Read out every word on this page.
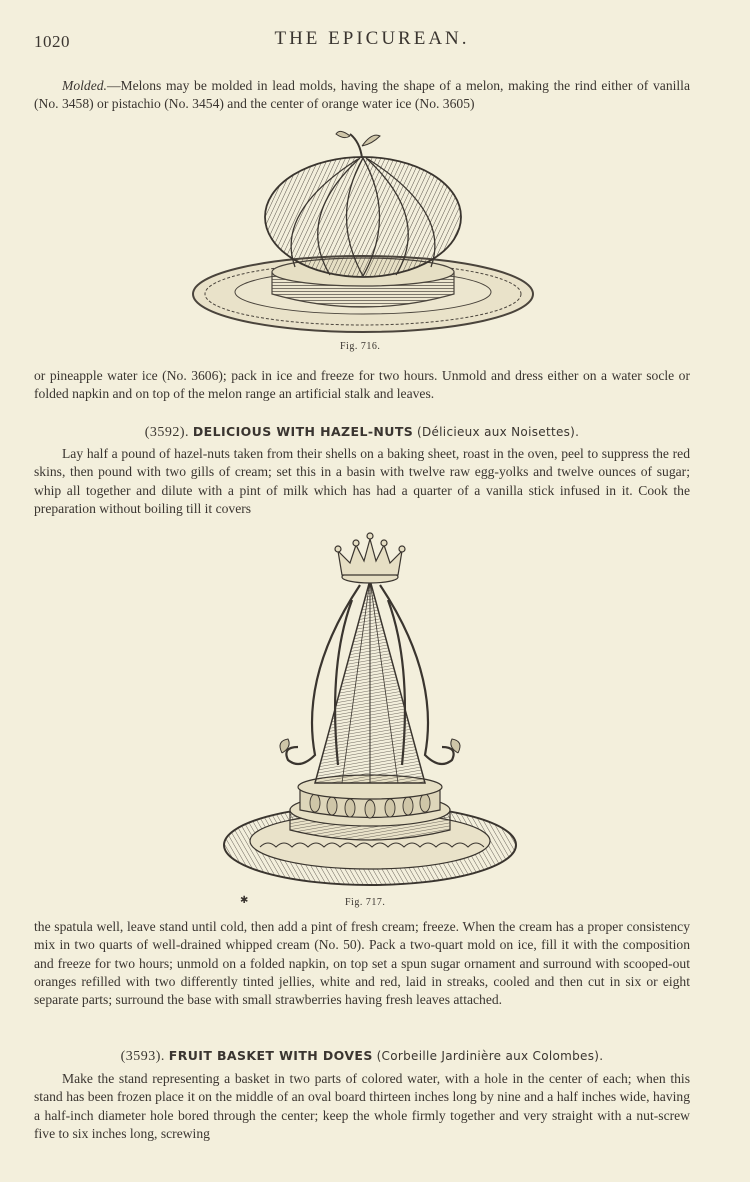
1020	THE EPICUREAN.

Molded.—Melons may be molded in lead molds, having the shape of a melon, making the rind either of vanilla (No. 3458) or pistachio (No. 3454) and the center of orange water ice (No. 3605)

Fig. 716.

or pineapple water ice (No. 3606); pack in ice and freeze for two hours. Unmold and dress either on a water socle or folded napkin and on top of the melon range an artificial stalk and leaves.

(3592). DELICIOUS WITH HAZEL-NUTS (Délicieux aux Noisettes).

Lay half a pound of hazel-nuts taken from their shells on a baking sheet, roast in the oven, peel to suppress the red skins, then pound with two gills of cream; set this in a basin with twelve raw egg-yolks and twelve ounces of sugar; whip all together and dilute with a pint of milk which has had a quarter of a vanilla stick infused in it. Cook the preparation without boiling till it covers

✱	Fig. 717.

the spatula well, leave stand until cold, then add a pint of fresh cream; freeze. When the cream has a proper consistency mix in two quarts of well-drained whipped cream (No. 50). Pack a two-quart mold on ice, fill it with the composition and freeze for two hours; unmold on a folded napkin, on top set a spun sugar ornament and surround with scooped-out oranges refilled with two differently tinted jellies, white and red, laid in streaks, cooled and then cut in six or eight separate parts; surround the base with small strawberries having fresh leaves attached.

(3593). FRUIT BASKET WITH DOVES (Corbeille Jardinière aux Colombes).

Make the stand representing a basket in two parts of colored water, with a hole in the center of each; when this stand has been frozen place it on the middle of an oval board thirteen inches long by nine and a half inches wide, having a half-inch diameter hole bored through the center; keep the whole firmly together and very straight with a nut-screw five to six inches long, screwing
